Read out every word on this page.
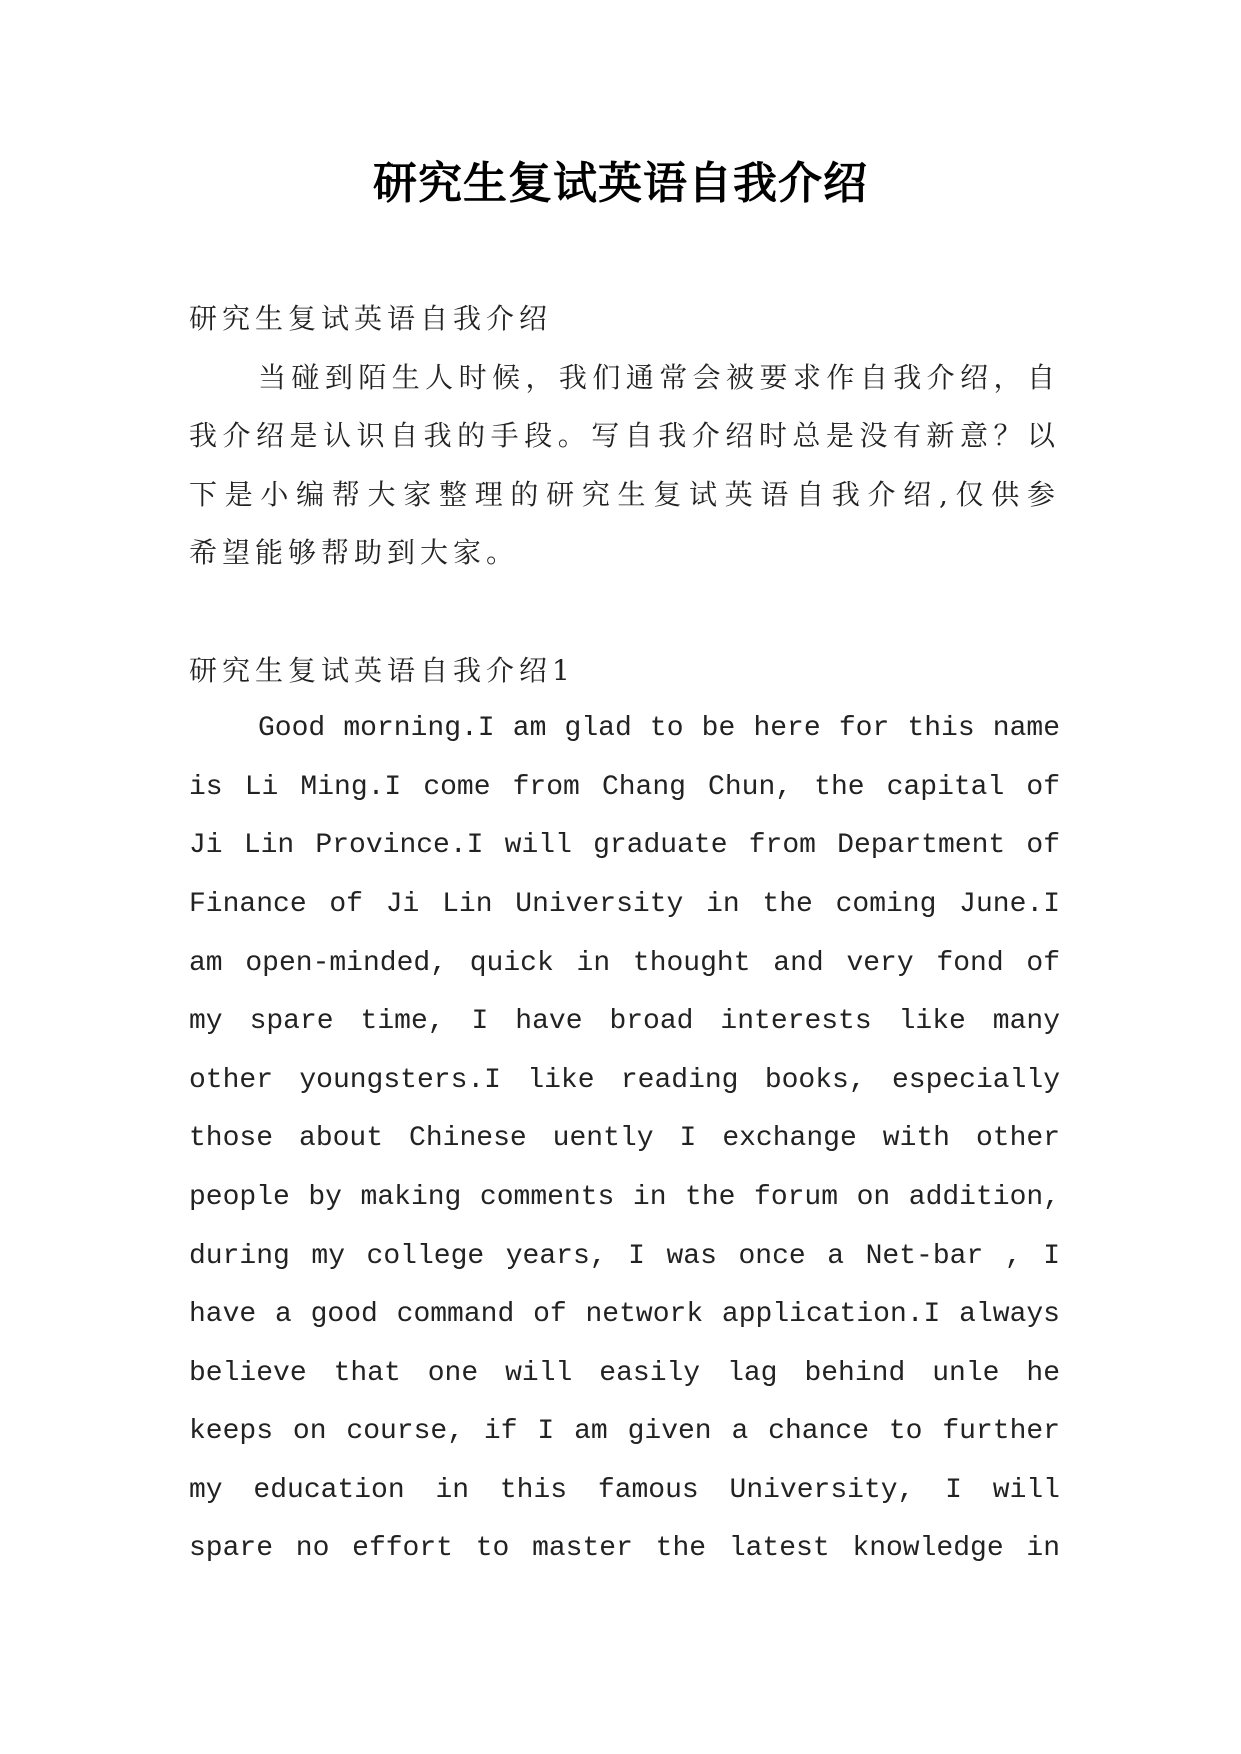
研究生复试英语自我介绍
研究生复试英语自我介绍
当碰到陌生人时候，我们通常会被要求作自我介绍，自
我介绍是认识自我的手段。写自我介绍时总是没有新意？以
下是小编帮大家整理的研究生复试英语自我介绍,仅供参
希望能够帮助到大家。
研究生复试英语自我介绍1
Good morning.I am glad to be here for this name
is Li Ming.I come from Chang Chun, the capital of
Ji Lin Province.I will graduate from Department of
Finance of Ji Lin University in the coming June.I
am open-minded, quick in thought and very fond of
my spare time, I have broad interests like many
other youngsters.I like reading books, especially
those about Chinese uently I exchange with other
people by making comments in the forum on addition,
during my college years, I was once a Net-bar , I
have a good command of network application.I always
believe that one will easily lag behind unle he
keeps on course, if I am given a chance to further
my education in this famous University, I will
spare no effort to master the latest knowledge in
